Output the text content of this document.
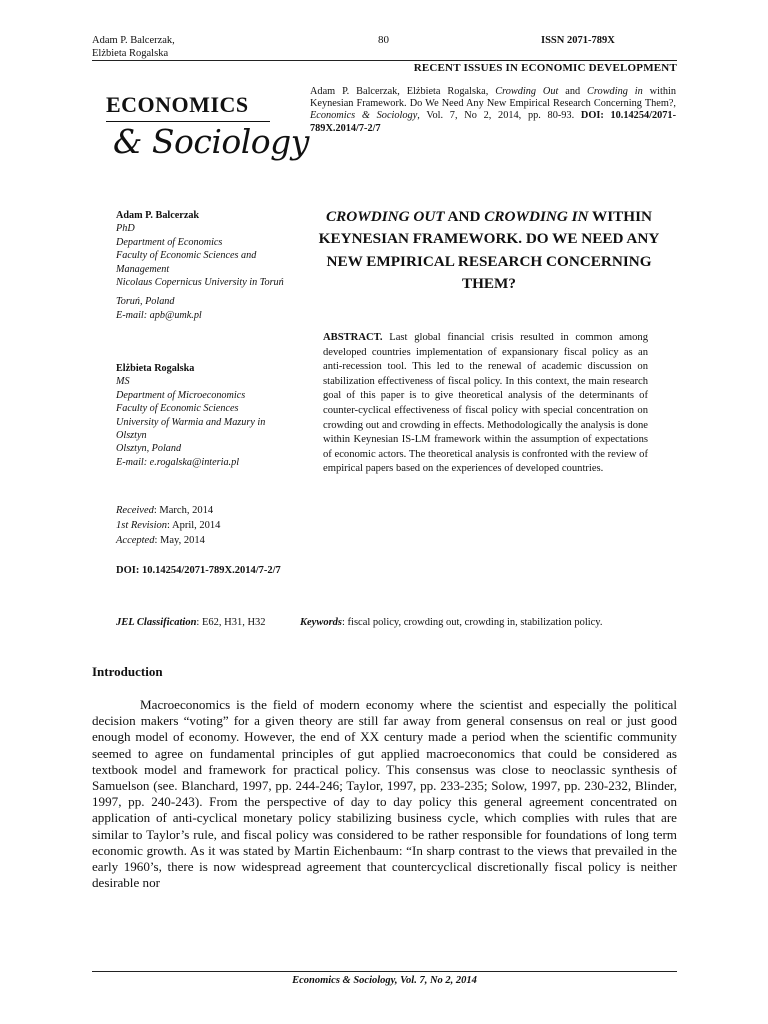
Adam P. Balcerzak,
Elżbieta Rogalska
80	ISSN 2071-789X
RECENT ISSUES IN ECONOMIC DEVELOPMENT
ECONOMICS
& Sociology
Adam P. Balcerzak, Elżbieta Rogalska, Crowding Out and Crowding in within Keynesian Framework. Do We Need Any New Empirical Research Concerning Them?, Economics & Sociology, Vol. 7, No 2, 2014, pp. 80-93. DOI: 10.14254/2071-789X.2014/7-2/7
Adam P. Balcerzak
PhD
Department of Economics
Faculty of Economic Sciences and Management
Nicolaus Copernicus University in Toruń
Toruń, Poland
E-mail: apb@umk.pl
Elżbieta Rogalska
MS
Department of Microeconomics
Faculty of Economic Sciences
University of Warmia and Mazury in Olsztyn
Olsztyn, Poland
E-mail: e.rogalska@interia.pl
Received: March, 2014
1st Revision: April, 2014
Accepted: May, 2014
DOI: 10.14254/2071-789X.2014/7-2/7
JEL Classification: E62, H31, H32
CROWDING OUT AND CROWDING IN WITHIN KEYNESIAN FRAMEWORK. DO WE NEED ANY NEW EMPIRICAL RESEARCH CONCERNING THEM?
ABSTRACT. Last global financial crisis resulted in common among developed countries implementation of expansionary fiscal policy as an anti-recession tool. This led to the renewal of academic discussion on stabilization effectiveness of fiscal policy. In this context, the main research goal of this paper is to give theoretical analysis of the determinants of counter-cyclical effectiveness of fiscal policy with special concentration on crowding out and crowding in effects. Methodologically the analysis is done within Keynesian IS-LM framework within the assumption of expectations of economic actors. The theoretical analysis is confronted with the review of empirical papers based on the experiences of developed countries.
Keywords: fiscal policy, crowding out, crowding in, stabilization policy.
Introduction
Macroeconomics is the field of modern economy where the scientist and especially the political decision makers “voting” for a given theory are still far away from general consensus on real or just good enough model of economy. However, the end of XX century made a period when the scientific community seemed to agree on fundamental principles of gut applied macroeconomics that could be considered as textbook model and framework for practical policy. This consensus was close to neoclassic synthesis of Samuelson (see. Blanchard, 1997, pp. 244-246; Taylor, 1997, pp. 233-235; Solow, 1997, pp. 230-232, Blinder, 1997, pp. 240-243). From the perspective of day to day policy this general agreement concentrated on application of anti-cyclical monetary policy stabilizing business cycle, which complies with rules that are similar to Taylor’s rule, and fiscal policy was considered to be rather responsible for foundations of long term economic growth. As it was stated by Martin Eichenbaum: “In sharp contrast to the views that prevailed in the early 1960’s, there is now widespread agreement that countercyclical discretionally fiscal policy is neither desirable nor
Economics & Sociology, Vol. 7, No 2, 2014
